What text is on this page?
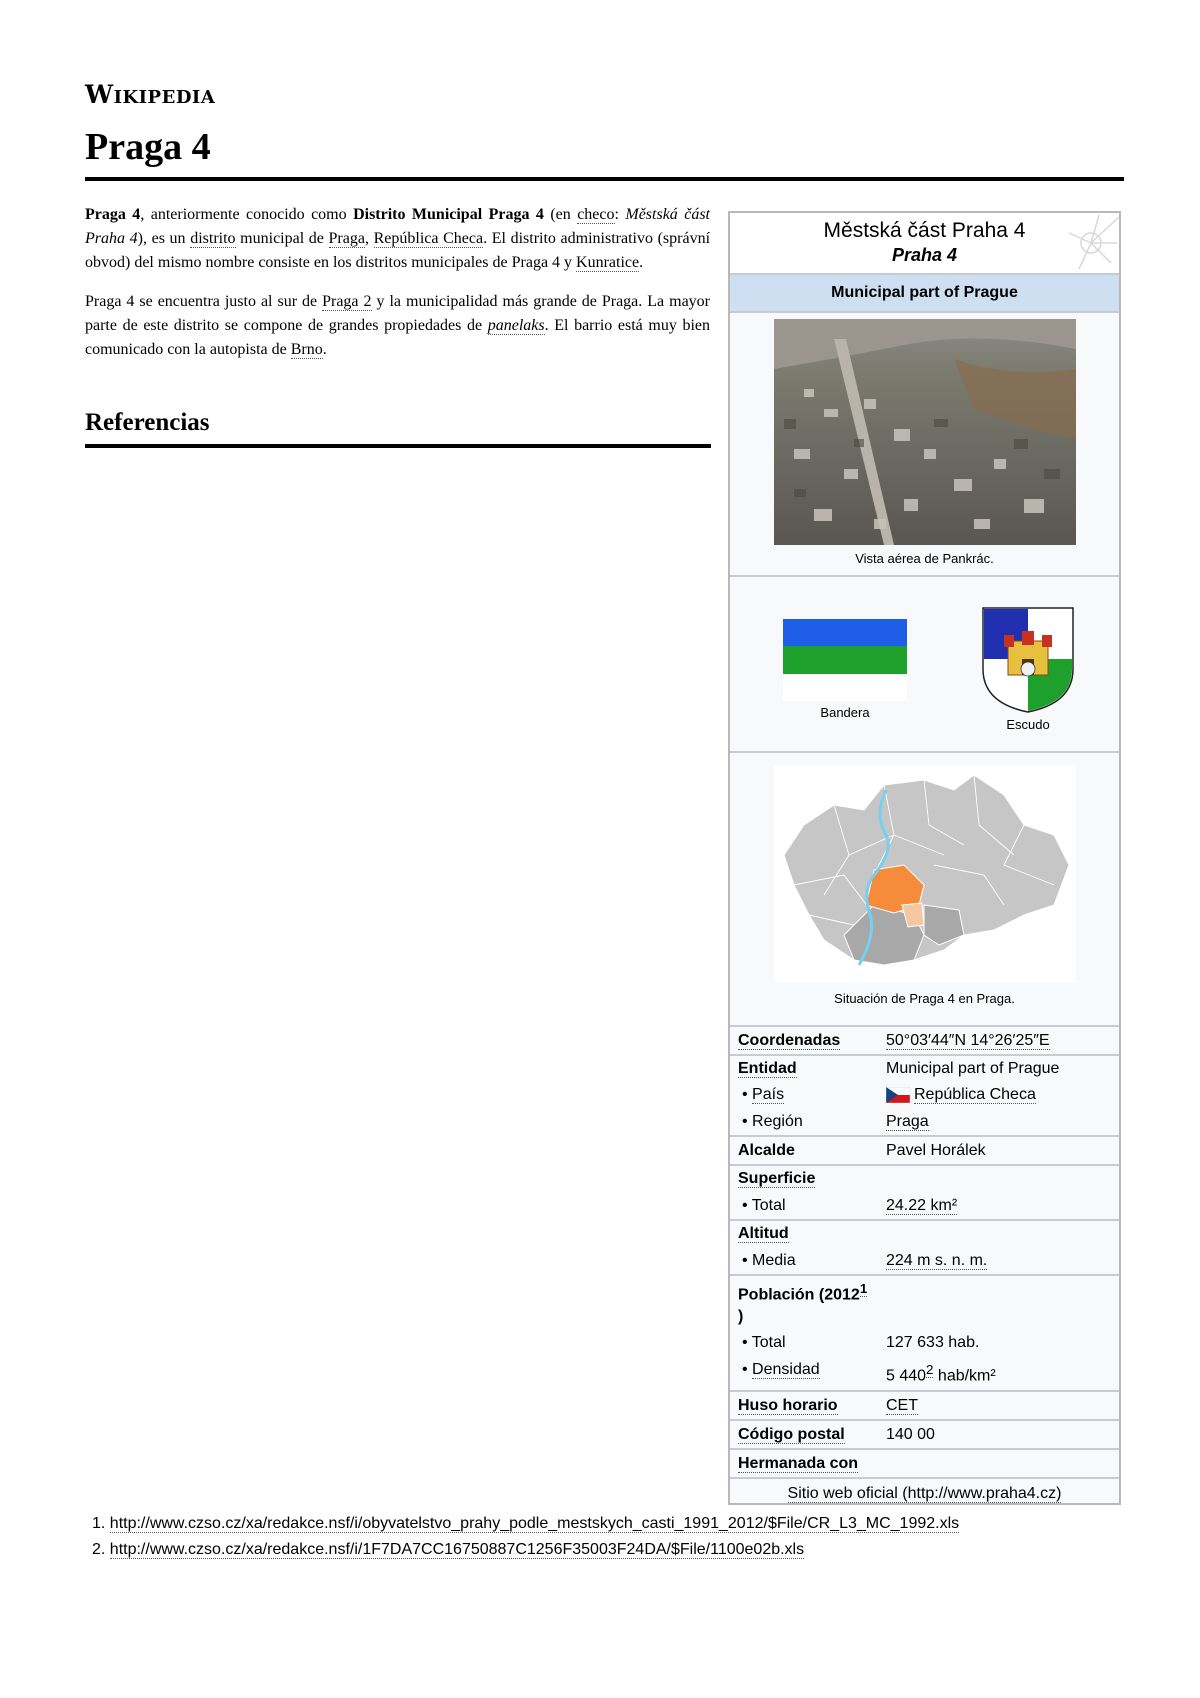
Wikipedia
Praga 4

Praga 4, anteriormente conocido como Distrito Municipal Praga 4 (en checo: Městská část Praha 4), es un distrito municipal de Praga, República Checa. El distrito administrativo (správní obvod) del mismo nombre consiste en los distritos municipales de Praga 4 y Kunratice.

Praga 4 se encuentra justo al sur de Praga 2 y la municipalidad más grande de Praga. La mayor parte de este distrito se compone de grandes propiedades de panelaks. El barrio está muy bien comunicado con la autopista de Brno.

Referencias
Městská část Praha 4
Praha 4
Municipal part of Prague
Vista aérea de Pankrác.
Bandera
Escudo
Situación de Praga 4 en Praga.
Coordenadas	50°03′44″N 14°26′25″E
Entidad	Municipal part of Prague
• País	República Checa
• Región	Praga
Alcalde	Pavel Horálek
Superficie
• Total	24.22 km²
Altitud
• Media	224 m s. n. m.
Población (2012$^1$
)
• Total	127 633 hab.
• Densidad	5 $440^2$ hab/km²
Huso horario	CET
Código postal	140 00
Hermanada con
Sitio web oficial (http://www.praha4.cz)
1. http://www.czso.cz/xa/redakce.nsf/i/obyvatelstvo_prahy_podle_mestskych_casti_1991_2012/$File/CR_L3_MC_1992.xls
2. http://www.czso.cz/xa/redakce.nsf/i/1F7DA7CC16750887C1256F35003F24DA/$File/1100e02b.xls
